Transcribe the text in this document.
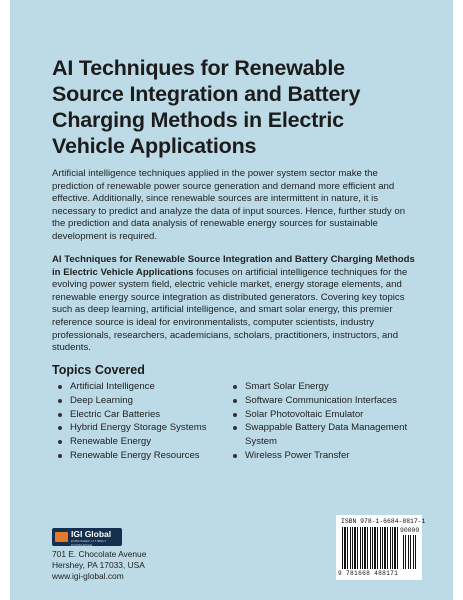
AI Techniques for Renewable Source Integration and Battery Charging Methods in Electric Vehicle Applications

Artificial intelligence techniques applied in the power system sector make the prediction of renewable power source generation and demand more efficient and effective. Additionally, since renewable sources are intermittent in nature, it is necessary to predict and analyze the data of input sources. Hence, further study on the prediction and data analysis of renewable energy sources for sustainable development is required.

AI Techniques for Renewable Source Integration and Battery Charging Methods in Electric Vehicle Applications focuses on artificial intelligence techniques for the evolving power system field, electric vehicle market, energy storage elements, and renewable energy source integration as distributed generators. Covering key topics such as deep learning, artificial intelligence, and smart solar energy, this premier reference source is ideal for environmentalists, computer scientists, industry professionals, researchers, academicians, scholars, practitioners, instructors, and students.

Topics Covered
Artificial Intelligence
Deep Learning
Electric Car Batteries
Hybrid Energy Storage Systems
Renewable Energy
Renewable Energy Resources
Smart Solar Energy
Software Communication Interfaces
Solar Photovoltaic Emulator
Swappable Battery Data Management System
Wireless Power Transfer
IGI Global
PUBLISHER of TIMELY KNOWLEDGE
701 E. Chocolate Avenue
Hershey, PA 17033, USA
www.igi-global.com
ISBN 978-1-6684-8817-1
90000
9 781668 488171
